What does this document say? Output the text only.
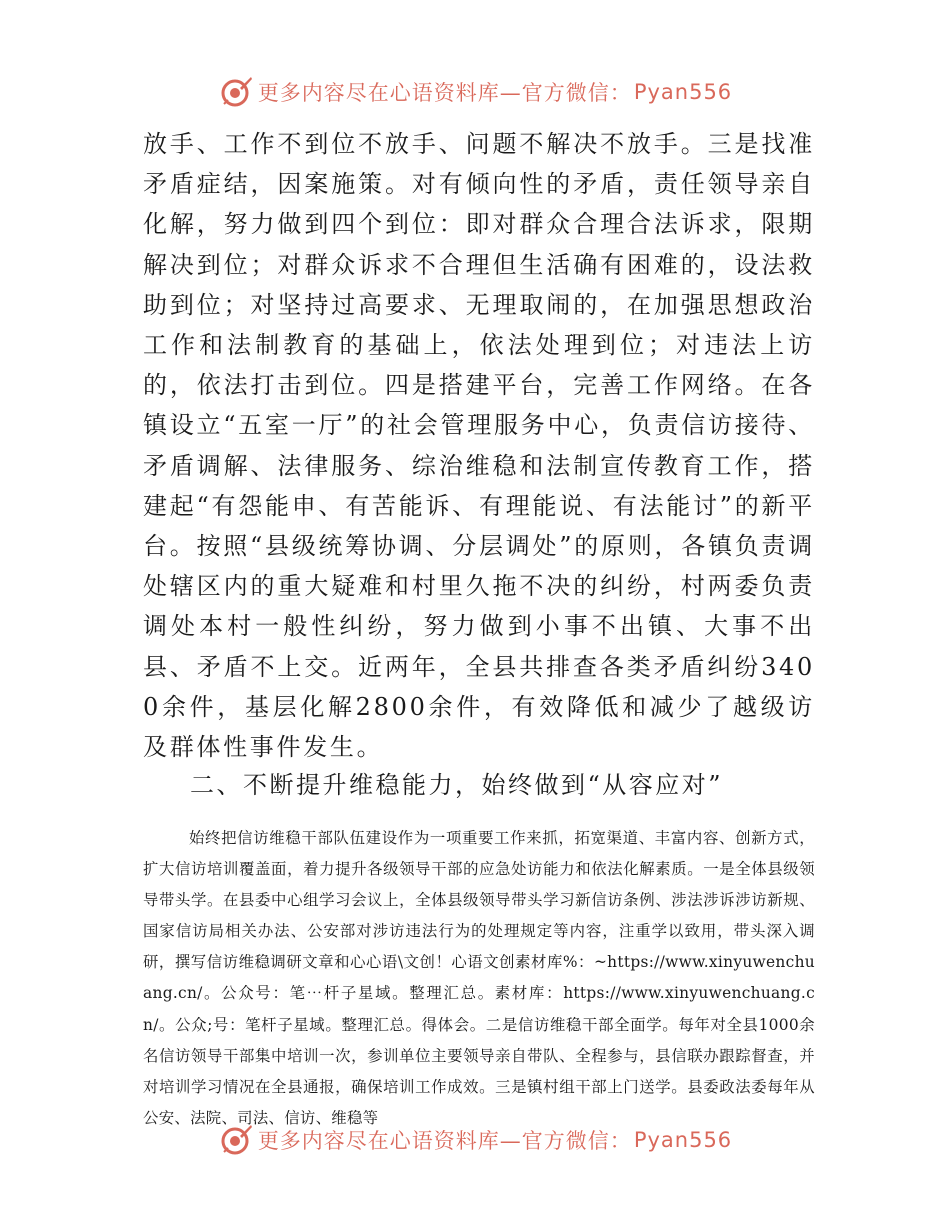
更多内容尽在心语资料库—官方微信： Pyan556

放手、工作不到位不放手、问题不解决不放手。三是找准矛盾症结，因案施策。对有倾向性的矛盾，责任领导亲自化解，努力做到四个到位：即对群众合理合法诉求，限期解决到位；对群众诉求不合理但生活确有困难的，设法救助到位；对坚持过高要求、无理取闹的，在加强思想政治工作和法制教育的基础上，依法处理到位；对违法上访的，依法打击到位。四是搭建平台，完善工作网络。在各镇设立“五室一厅”的社会管理服务中心，负责信访接待、矛盾调解、法律服务、综治维稳和法制宣传教育工作，搭建起“有怨能申、有苦能诉、有理能说、有法能讨”的新平台。按照“县级统筹协调、分层调处”的原则，各镇负责调处辖区内的重大疑难和村里久拖不决的纠纷，村两委负责调处本村一般性纠纷，努力做到小事不出镇、大事不出县、矛盾不上交。近两年，全县共排查各类矛盾纠纷3400余件，基层化解2800余件，有效降低和减少了越级访及群体性事件发生。

二、不断提升维稳能力，始终做到“从容应对”

始终把信访维稳干部队伍建设作为一项重要工作来抓，拓宽渠道、丰富内容、创新方式，扩大信访培训覆盖面，着力提升各级领导干部的应急处访能力和依法化解素质。一是全体县级领导带头学。在县委中心组学习会议上，全体县级领导带头学习新信访条例、涉法涉诉涉访新规、国家信访局相关办法、公安部对涉访违法行为的处理规定等内容，注重学以致用，带头深入调研，撰写信访维稳调研文章和心心语\文创！心语文创素材库%：~https://www.xinyuwenchuang.cn/。公众号：笔⋯杆子星域。整理汇总。素材库：https://www.xinyuwenchuang.cn/。公众;号：笔杆子星域。整理汇总。得体会。二是信访维稳干部全面学。每年对全县1000余名信访领导干部集中培训一次，参训单位主要领导亲自带队、全程参与，县信联办跟踪督查，并对培训学习情况在全县通报，确保培训工作成效。三是镇村组干部上门送学。县委政法委每年从公安、法院、司法、信访、维稳等

更多内容尽在心语资料库—官方微信： Pyan556
